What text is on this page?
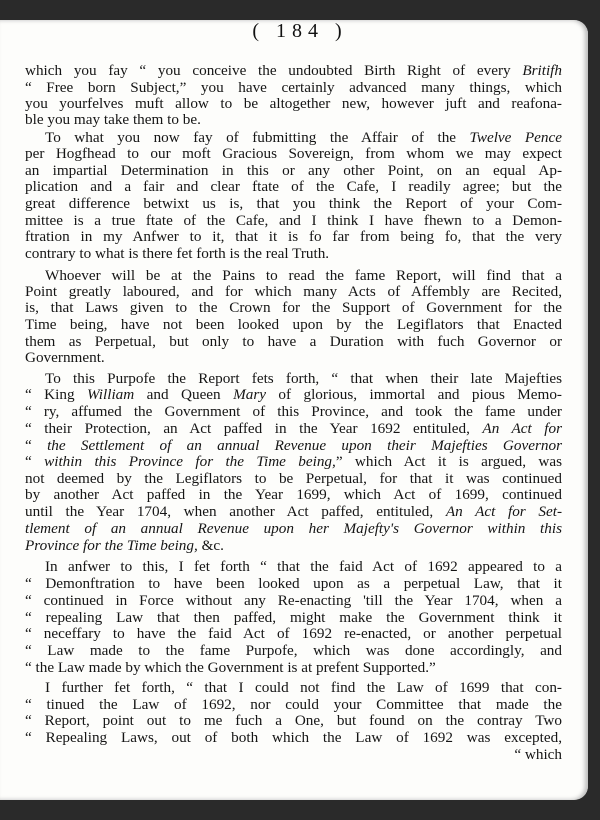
( 184 )
which you fay “ you conceive the undoubted Birth Right of every Britifh
“ Free born Subject,” you have certainly advanced many things, which
you yourfelves muft allow to be altogether new, however juft and reafona-
ble you may take them to be.
To what you now fay of fubmitting the Affair of the Twelve Pence
per Hogfhead to our moft Gracious Sovereign, from whom we may expect
an impartial Determination in this or any other Point, on an equal Ap-
plication and a fair and clear ftate of the Cafe, I readily agree; but the
great difference betwixt us is, that you think the Report of your Com-
mittee is a true ftate of the Cafe, and I think I have fhewn to a Demon-
ftration in my Anfwer to it, that it is fo far from being fo, that the very
contrary to what is there fet forth is the real Truth.
Whoever will be at the Pains to read the fame Report, will find that a
Point greatly laboured, and for which many Acts of Affembly are Recited,
is, that Laws given to the Crown for the Support of Government for the
Time being, have not been looked upon by the Legiflators that Enacted
them as Perpetual, but only to have a Duration with fuch Governor or
Government.
To this Purpofe the Report fets forth, “ that when their late Majefties
“ King William and Queen Mary of glorious, immortal and pious Memo-
“ ry, affumed the Government of this Province, and took the fame under
“ their Protection, an Act paffed in the Year 1692 entituled, An Act for
“ the Settlement of an annual Revenue upon their Majefties Governor
“ within this Province for the Time being,” which Act it is argued, was
not deemed by the Legiflators to be Perpetual, for that it was continued
by another Act paffed in the Year 1699, which Act of 1699, continued
until the Year 1704, when another Act paffed, entituled, An Act for Set-
tlement of an annual Revenue upon her Majefty's Governor within this
Province for the Time being, &c.
In anfwer to this, I fet forth “ that the faid Act of 1692 appeared to a
“ Demonftration to have been looked upon as a perpetual Law, that it
“ continued in Force without any Re-enacting 'till the Year 1704, when a
“ repealing Law that then paffed, might make the Government think it
“ neceffary to have the faid Act of 1692 re-enacted, or another perpetual
“ Law made to the fame Purpofe, which was done accordingly, and
“ the Law made by which the Government is at prefent Supported.”
I further fet forth, “ that I could not find the Law of 1699 that con-
“ tinued the Law of 1692, nor could your Committee that made the
“ Report, point out to me fuch a One, but found on the contray Two
“ Repealing Laws, out of both which the Law of 1692 was excepted,
“ which
